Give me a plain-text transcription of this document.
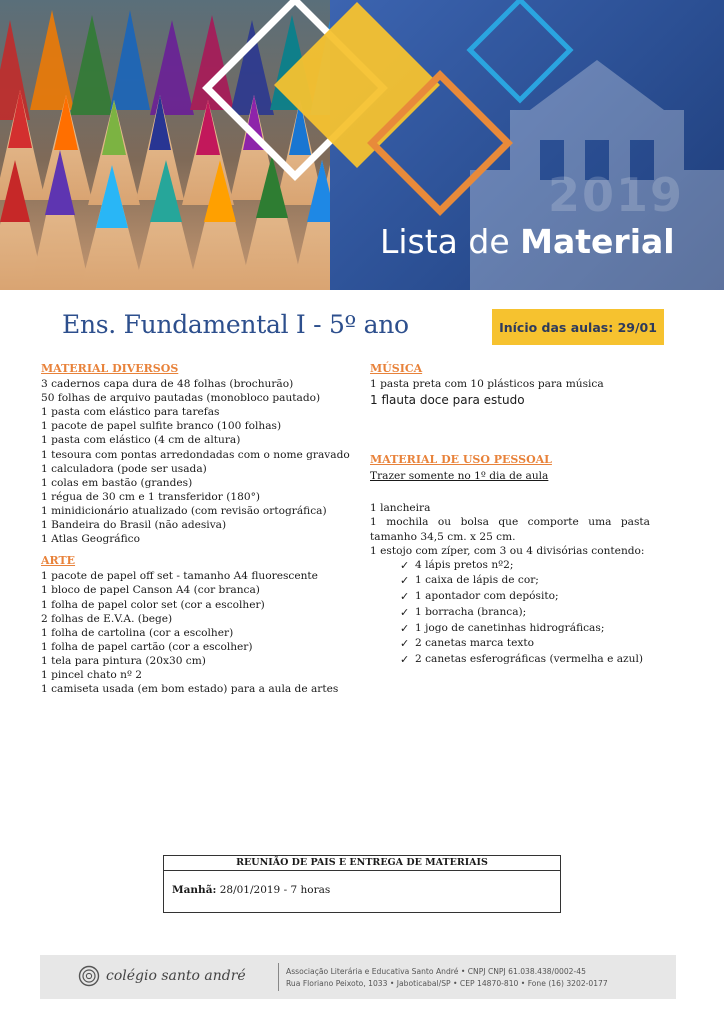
2019
Lista de Material
Ens. Fundamental I - 5º ano	Início das aulas: 29/01
MATERIAL DIVERSOS
3 cadernos capa dura de 48 folhas (brochurão)
50 folhas de arquivo pautadas (monobloco pautado)
1 pasta com elástico para tarefas
1 pacote de papel sulfite branco (100 folhas)
1 pasta com elástico (4 cm de altura)
1 tesoura com pontas arredondadas com o nome gravado
1 calculadora (pode ser usada)
1 colas em bastão (grandes)
1 régua de 30 cm e 1 transferidor (180°)
1 minidicionário atualizado (com revisão ortográfica)
1 Bandeira do Brasil (não adesiva)
1 Atlas Geográfico
ARTE
1 pacote de papel off set - tamanho A4 fluorescente
1 bloco de papel Canson A4 (cor branca)
1 folha de papel color set (cor a escolher)
2 folhas de E.V.A. (bege)
1 folha de cartolina (cor a escolher)
1 folha de papel cartão (cor a escolher)
1 tela para pintura (20x30 cm)
1 pincel chato nº 2
1 camiseta usada (em bom estado) para a aula de artes
MÚSICA
1 pasta preta com 10 plásticos para música
1 flauta doce para estudo
MATERIAL DE USO PESSOAL
Trazer somente no 1º dia de aula
1 lancheira
1 mochila ou bolsa que comporte uma pasta tamanho 34,5 cm. x 25 cm.
1 estojo com zíper, com 3 ou 4 divisórias contendo:
✓ 4 lápis pretos nº2;
✓ 1 caixa de lápis de cor;
✓ 1 apontador com depósito;
✓ 1 borracha (branca);
✓ 1 jogo de canetinhas hidrográficas;
✓ 2 canetas marca texto
✓ 2 canetas esferográficas (vermelha e azul)
REUNIÃO DE PAIS E ENTREGA DE MATERIAIS
Manhã: 28/01/2019 - 7 horas
colégio santo andré	Associação Literária e Educativa Santo André • CNPJ CNPJ 61.038.438/0002-45
Rua Floriano Peixoto, 1033 • Jaboticabal/SP • CEP 14870-810 • Fone (16) 3202-0177
